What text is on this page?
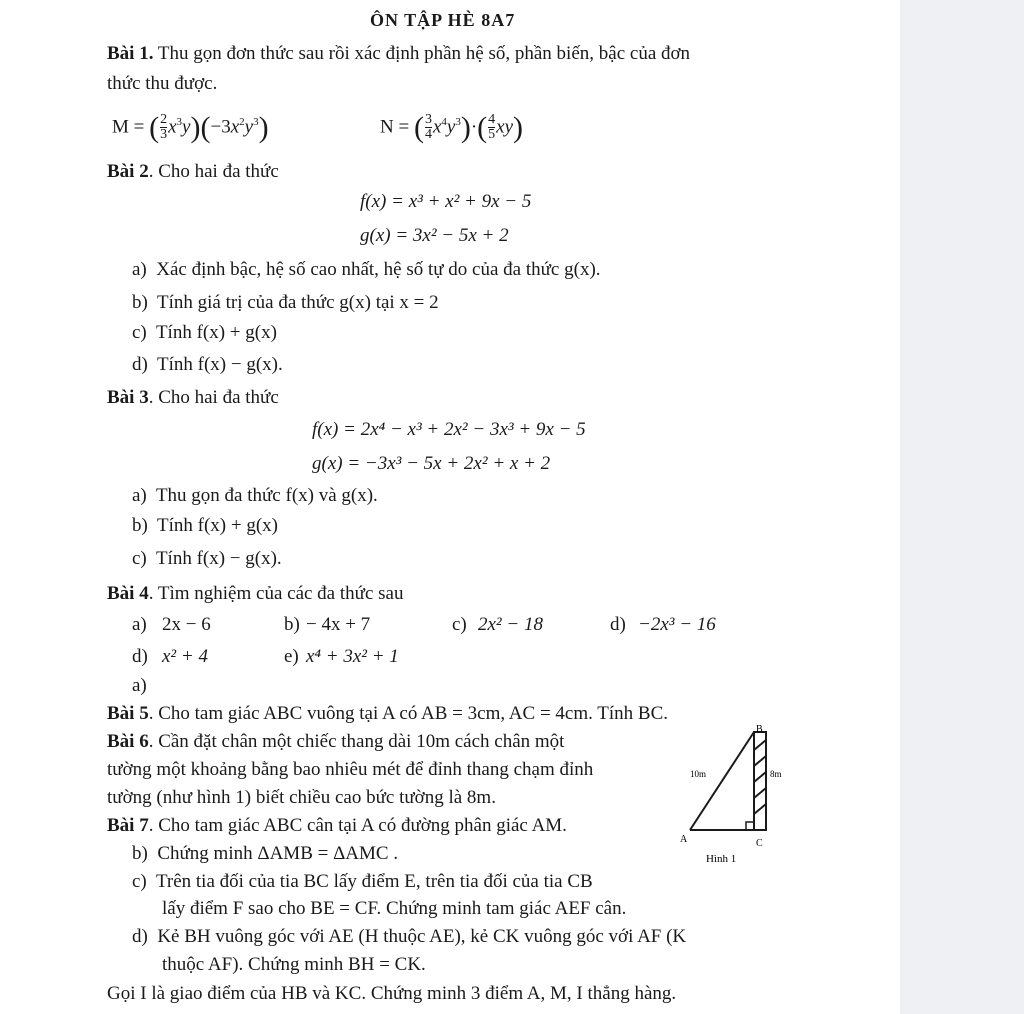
ÔN TẬP HÈ 8A7
Bài 1. Thu gọn đơn thức sau rồi xác định phần hệ số, phần biến, bậc của đơn
thức thu được.
M = ( $\frac{2}{3} x^3y)(-3x^2y^3)$	N = ( $\frac{3}{4} x^4y^3)\cdot( \frac{4}{5} xy)$
Bài 2. Cho hai đa thức
f(x) = x³ + x² + 9x − 5
g(x) = 3x² − 5x + 2
a) Xác định bậc, hệ số cao nhất, hệ số tự do của đa thức g(x).
b) Tính giá trị của đa thức g(x) tại x = 2
c) Tính f(x) + g(x)
d) Tính f(x) − g(x).
Bài 3. Cho hai đa thức
f(x) = 2x⁴ − x³ + 2x² − 3x³ + 9x − 5
g(x) = −3x³ − 5x + 2x² + x + 2
a) Thu gọn đa thức f(x) và g(x).
b) Tính f(x) + g(x)
c) Tính f(x) − g(x).
Bài 4. Tìm nghiệm của các đa thức sau
a) 2x − 6	b) − 4x + 7	c) 2x² − 18	d) −2x³ − 16
d) x² + 4	e) x⁴ + 3x² + 1
a)
Bài 5. Cho tam giác ABC vuông tại A có AB = 3cm, AC = 4cm. Tính BC.
Bài 6. Cần đặt chân một chiếc thang dài 10m cách chân một
tường một khoảng bằng bao nhiêu mét để đỉnh thang chạm đỉnh
tường (như hình 1) biết chiều cao bức tường là 8m.
Bài 7. Cho tam giác ABC cân tại A có đường phân giác AM.
b) Chứng minh ΔAMB = ΔAMC .
c) Trên tia đối của tia BC lấy điểm E, trên tia đối của tia CB
lấy điểm F sao cho BE = CF. Chứng minh tam giác AEF cân.
d) Kẻ BH vuông góc với AE (H thuộc AE), kẻ CK vuông góc với AF (K
thuộc AF). Chứng minh BH = CK.
Gọi I là giao điểm của HB và KC. Chứng minh 3 điểm A, M, I thẳng hàng.
B
A	C
10m	8m
Hình 1
